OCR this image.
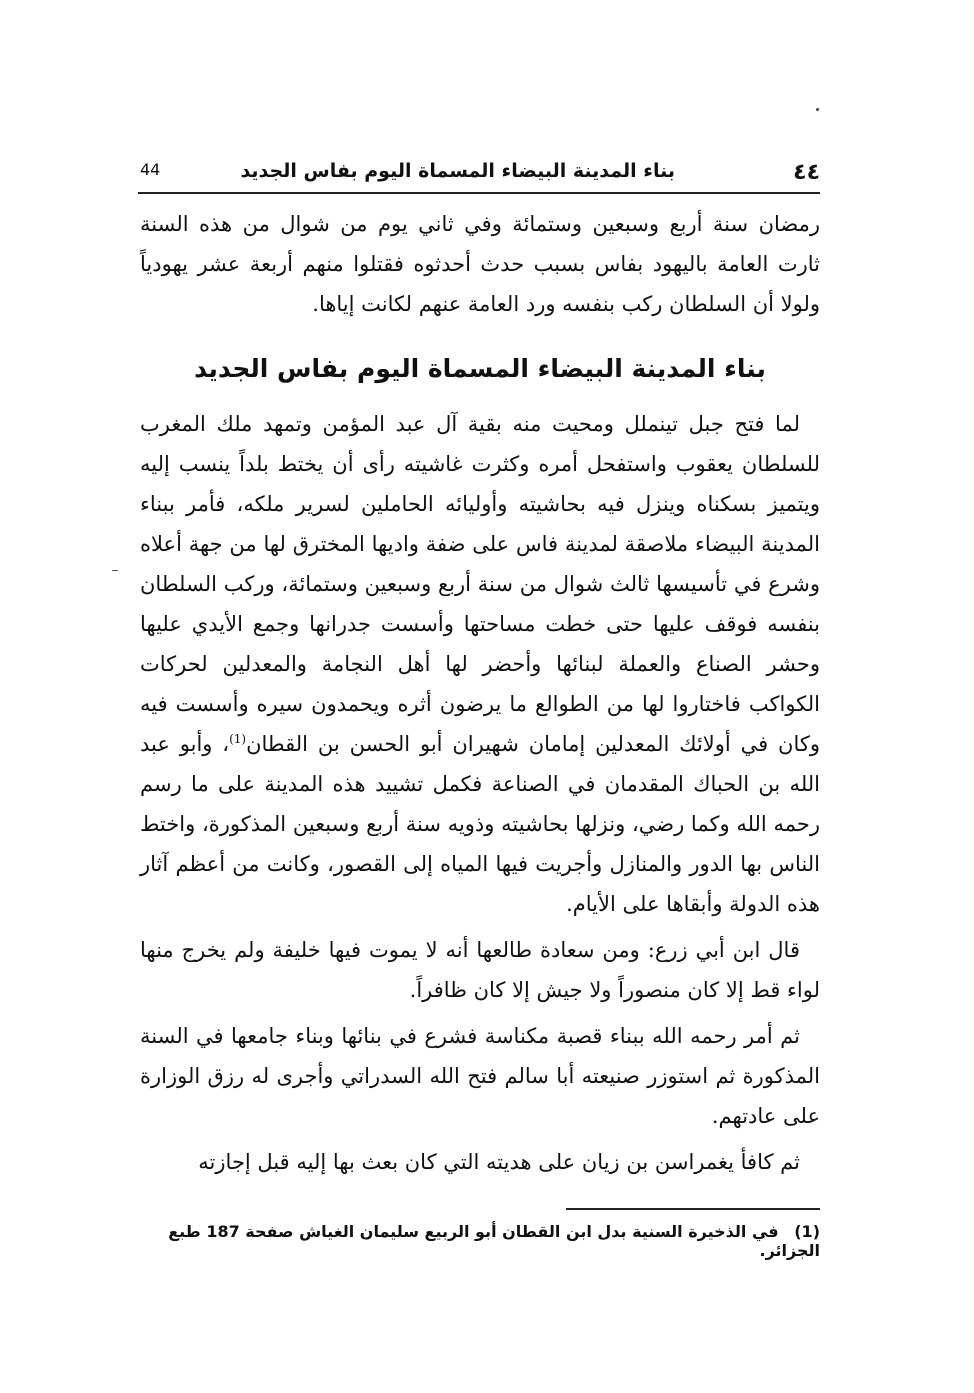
٤٤
بناء المدينة البيضاء المسماة اليوم بفاس الجديد
44

رمضان سنة أربع وسبعين وستمائة وفي ثاني يوم من شوال من هذه السنة ثارت العامة باليهود بفاس بسبب حدث أحدثوه فقتلوا منهم أربعة عشر يهودياً ولولا أن السلطان ركب بنفسه ورد العامة عنهم لكانت إياها.

بناء المدينة البيضاء المسماة اليوم بفاس الجديد

لما فتح جبل تينملل ومحيت منه بقية آل عبد المؤمن وتمهد ملك المغرب للسلطان يعقوب واستفحل أمره وكثرت غاشيته رأى أن يختط بلداً ينسب إليه ويتميز بسكناه وينزل فيه بحاشيته وأوليائه الحاملين لسرير ملكه، فأمر ببناء المدينة البيضاء ملاصقة لمدينة فاس على ضفة واديها المخترق لها من جهة أعلاه وشرع في تأسيسها ثالث شوال من سنة أربع وسبعين وستمائة، وركب السلطان بنفسه فوقف عليها حتى خطت مساحتها وأسست جدرانها وجمع الأيدي عليها وحشر الصناع والعملة لبنائها وأحضر لها أهل النجامة والمعدلين لحركات الكواكب فاختاروا لها من الطوالع ما يرضون أثره ويحمدون سيره وأسست فيه وكان في أولائك المعدلين إمامان شهيران أبو الحسن بن القطان$^{(1)}$، وأبو عبد الله بن الحباك المقدمان في الصناعة فكمل تشييد هذه المدينة على ما رسم رحمه الله وكما رضي، ونزلها بحاشيته وذويه سنة أربع وسبعين المذكورة، واختط الناس بها الدور والمنازل وأجريت فيها المياه إلى القصور، وكانت من أعظم آثار هذه الدولة وأبقاها على الأيام.

قال ابن أبي زرع: ومن سعادة طالعها أنه لا يموت فيها خليفة ولم يخرج منها لواء قط إلا كان منصوراً ولا جيش إلا كان ظافراً.

ثم أمر رحمه الله ببناء قصبة مكناسة فشرع في بنائها وبناء جامعها في السنة المذكورة ثم استوزر صنيعته أبا سالم فتح الله السدراتي وأجرى له رزق الوزارة على عادتهم.

ثم كافأ يغمراسن بن زيان على هديته التي كان بعث بها إليه قبل إجازته

(1) في الذخيرة السنية بدل ابن القطان أبو الربيع سليمان الغياش صفحة 187 طبع الجزائر.
